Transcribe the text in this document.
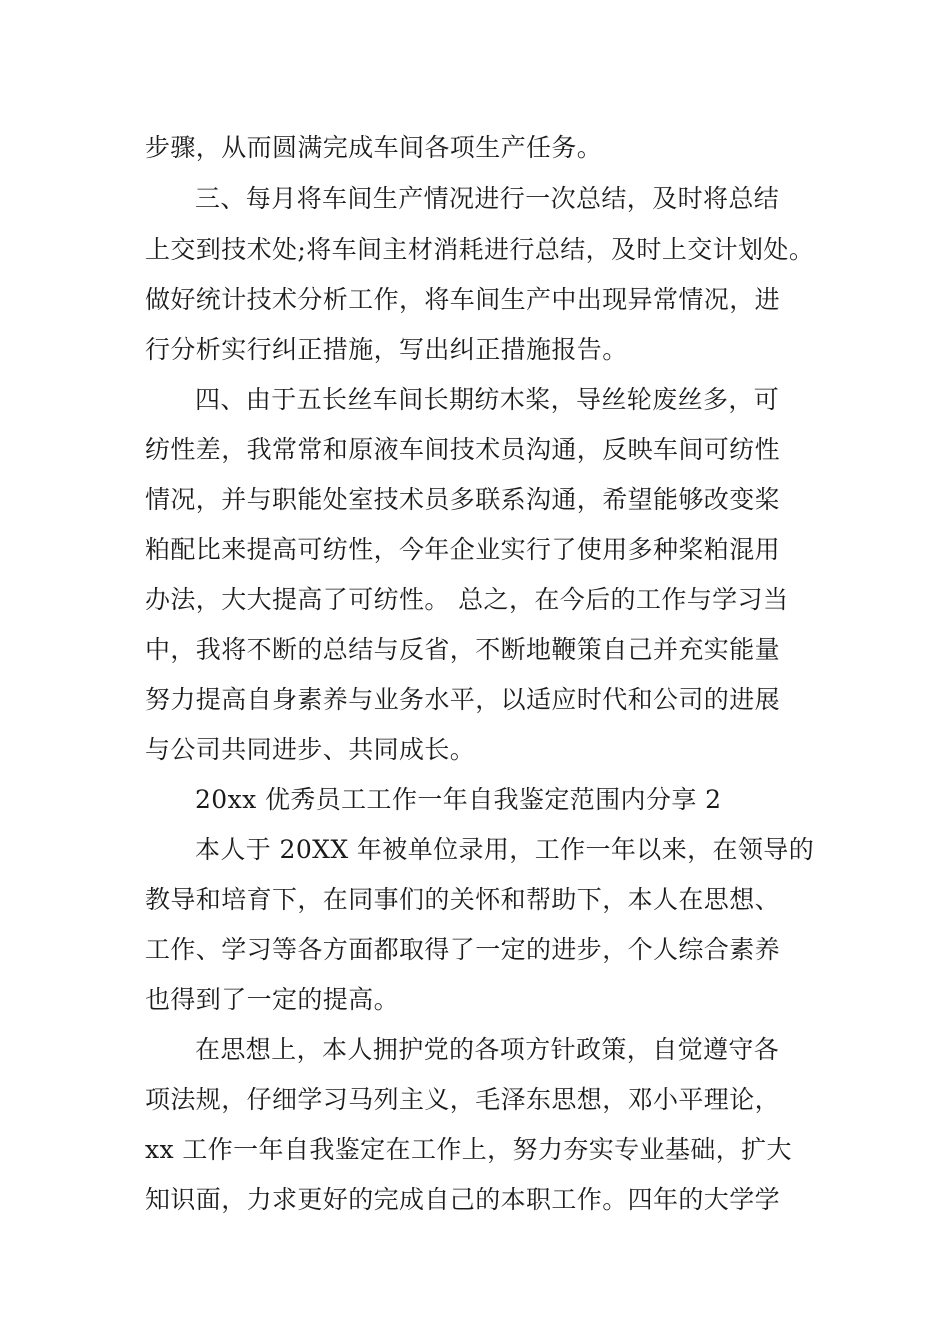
步骤，从而圆满完成车间各项生产任务。
三、每月将车间生产情况进行一次总结，及时将总结
上交到技术处;将车间主材消耗进行总结，及时上交计划处。
做好统计技术分析工作，将车间生产中出现异常情况，进
行分析实行纠正措施，写出纠正措施报告。
四、由于五长丝车间长期纺木桨，导丝轮废丝多，可
纺性差，我常常和原液车间技术员沟通，反映车间可纺性
情况，并与职能处室技术员多联系沟通，希望能够改变桨
粕配比来提高可纺性，今年企业实行了使用多种桨粕混用
办法，大大提高了可纺性。 总之，在今后的工作与学习当
中，我将不断的总结与反省，不断地鞭策自己并充实能量
努力提高自身素养与业务水平，以适应时代和公司的进展
与公司共同进步、共同成长。
20xx 优秀员工工作一年自我鉴定范围内分享 2
本人于 20XX 年被单位录用，工作一年以来，在领导的
教导和培育下，在同事们的关怀和帮助下，本人在思想、
工作、学习等各方面都取得了一定的进步，个人综合素养
也得到了一定的提高。
在思想上，本人拥护党的各项方针政策，自觉遵守各
项法规，仔细学习马列主义，毛泽东思想，邓小平理论，
xx 工作一年自我鉴定在工作上，努力夯实专业基础，扩大
知识面，力求更好的完成自己的本职工作。四年的大学学
